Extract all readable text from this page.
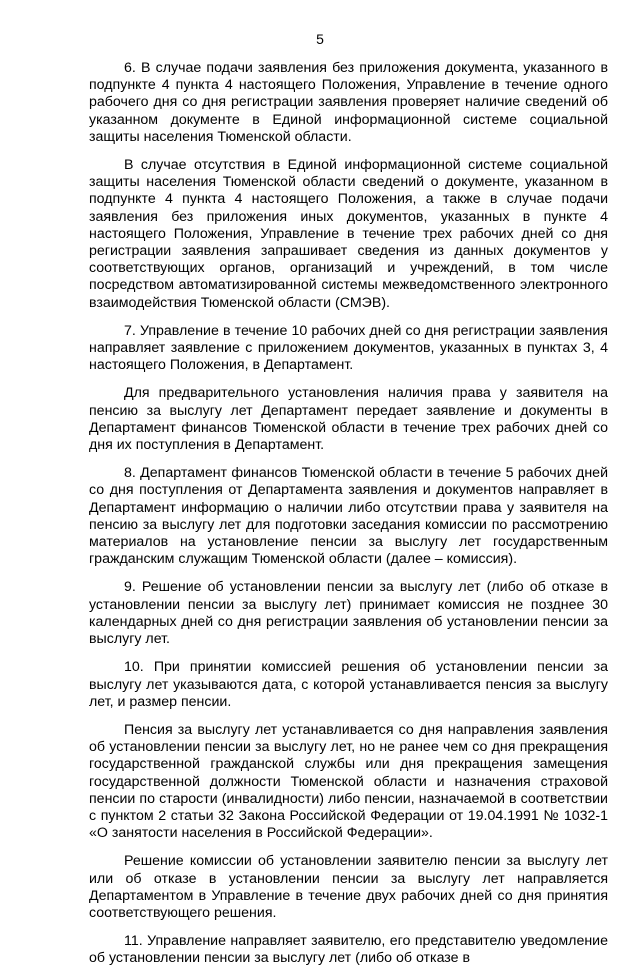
5

6. В случае подачи заявления без приложения документа, указанного в подпункте 4 пункта 4 настоящего Положения, Управление в течение одного рабочего дня со дня регистрации заявления проверяет наличие сведений об указанном документе в Единой информационной системе социальной защиты населения Тюменской области.

В случае отсутствия в Единой информационной системе социальной защиты населения Тюменской области сведений о документе, указанном в подпункте 4 пункта 4 настоящего Положения, а также в случае подачи заявления без приложения иных документов, указанных в пункте 4 настоящего Положения, Управление в течение трех рабочих дней со дня регистрации заявления запрашивает сведения из данных документов у соответствующих органов, организаций и учреждений, в том числе посредством автоматизированной системы межведомственного электронного взаимодействия Тюменской области (СМЭВ).

7. Управление в течение 10 рабочих дней со дня регистрации заявления направляет заявление с приложением документов, указанных в пунктах 3, 4 настоящего Положения, в Департамент.

Для предварительного установления наличия права у заявителя на пенсию за выслугу лет Департамент передает заявление и документы в Департамент финансов Тюменской области в течение трех рабочих дней со дня их поступления в Департамент.

8. Департамент финансов Тюменской области в течение 5 рабочих дней со дня поступления от Департамента заявления и документов направляет в Департамент информацию о наличии либо отсутствии права у заявителя на пенсию за выслугу лет для подготовки заседания комиссии по рассмотрению материалов на установление пенсии за выслугу лет государственным гражданским служащим Тюменской области (далее – комиссия).

9. Решение об установлении пенсии за выслугу лет (либо об отказе в установлении пенсии за выслугу лет) принимает комиссия не позднее 30 календарных дней со дня регистрации заявления об установлении пенсии за выслугу лет.

10. При принятии комиссией решения об установлении пенсии за выслугу лет указываются дата, с которой устанавливается пенсия за выслугу лет, и размер пенсии.

Пенсия за выслугу лет устанавливается со дня направления заявления об установлении пенсии за выслугу лет, но не ранее чем со дня прекращения государственной гражданской службы или дня прекращения замещения государственной должности Тюменской области и назначения страховой пенсии по старости (инвалидности) либо пенсии, назначаемой в соответствии с пунктом 2 статьи 32 Закона Российской Федерации от 19.04.1991 № 1032-1 «О занятости населения в Российской Федерации».

Решение комиссии об установлении заявителю пенсии за выслугу лет или об отказе в установлении пенсии за выслугу лет направляется Департаментом в Управление в течение двух рабочих дней со дня принятия соответствующего решения.

11. Управление направляет заявителю, его представителю уведомление об установлении пенсии за выслугу лет (либо об отказе в
